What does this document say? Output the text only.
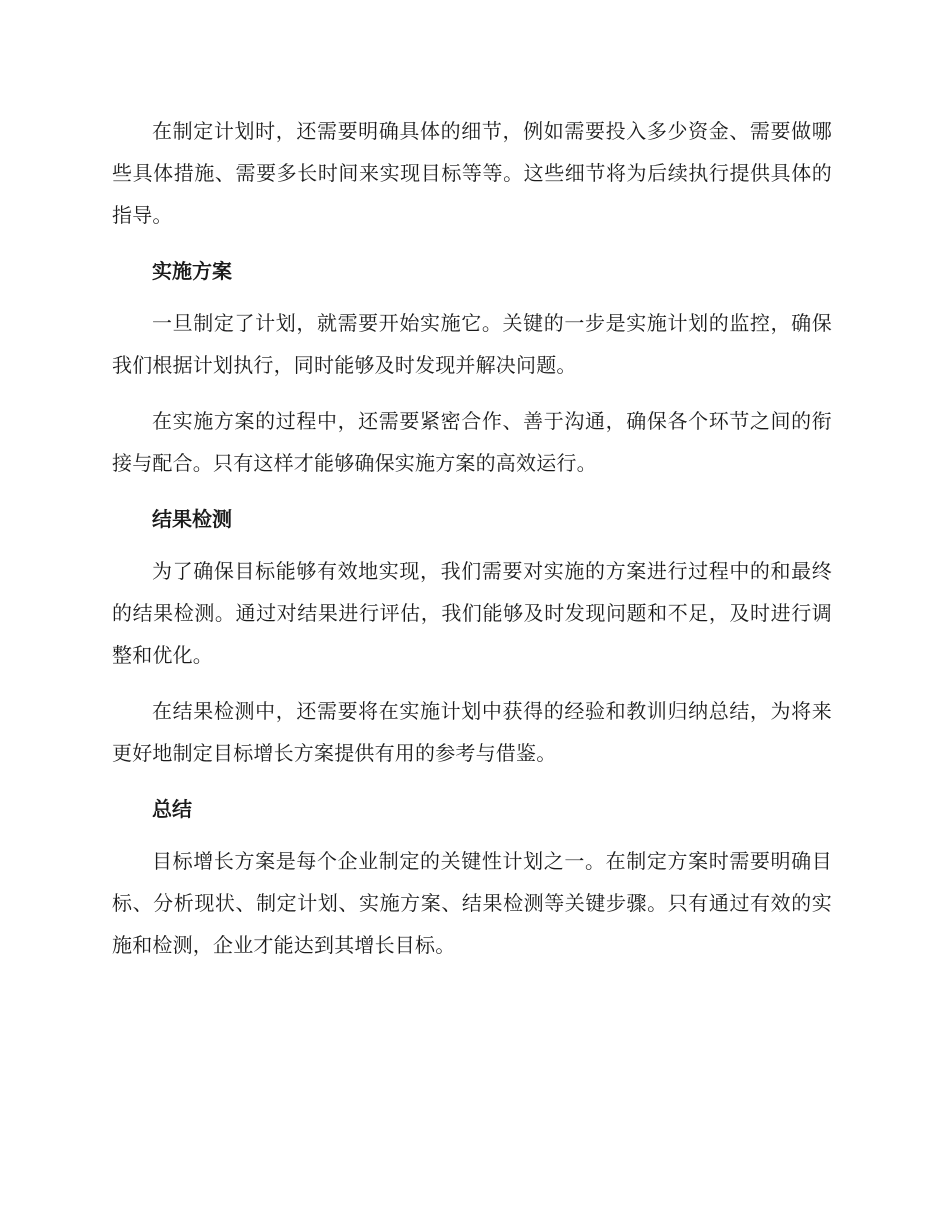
在制定计划时，还需要明确具体的细节，例如需要投入多少资金、需要做哪些具体措施、需要多长时间来实现目标等等。这些细节将为后续执行提供具体的指导。

实施方案

一旦制定了计划，就需要开始实施它。关键的一步是实施计划的监控，确保我们根据计划执行，同时能够及时发现并解决问题。

在实施方案的过程中，还需要紧密合作、善于沟通，确保各个环节之间的衔接与配合。只有这样才能够确保实施方案的高效运行。

结果检测

为了确保目标能够有效地实现，我们需要对实施的方案进行过程中的和最终的结果检测。通过对结果进行评估，我们能够及时发现问题和不足，及时进行调整和优化。

在结果检测中，还需要将在实施计划中获得的经验和教训归纳总结，为将来更好地制定目标增长方案提供有用的参考与借鉴。

总结

目标增长方案是每个企业制定的关键性计划之一。在制定方案时需要明确目标、分析现状、制定计划、实施方案、结果检测等关键步骤。只有通过有效的实施和检测，企业才能达到其增长目标。
